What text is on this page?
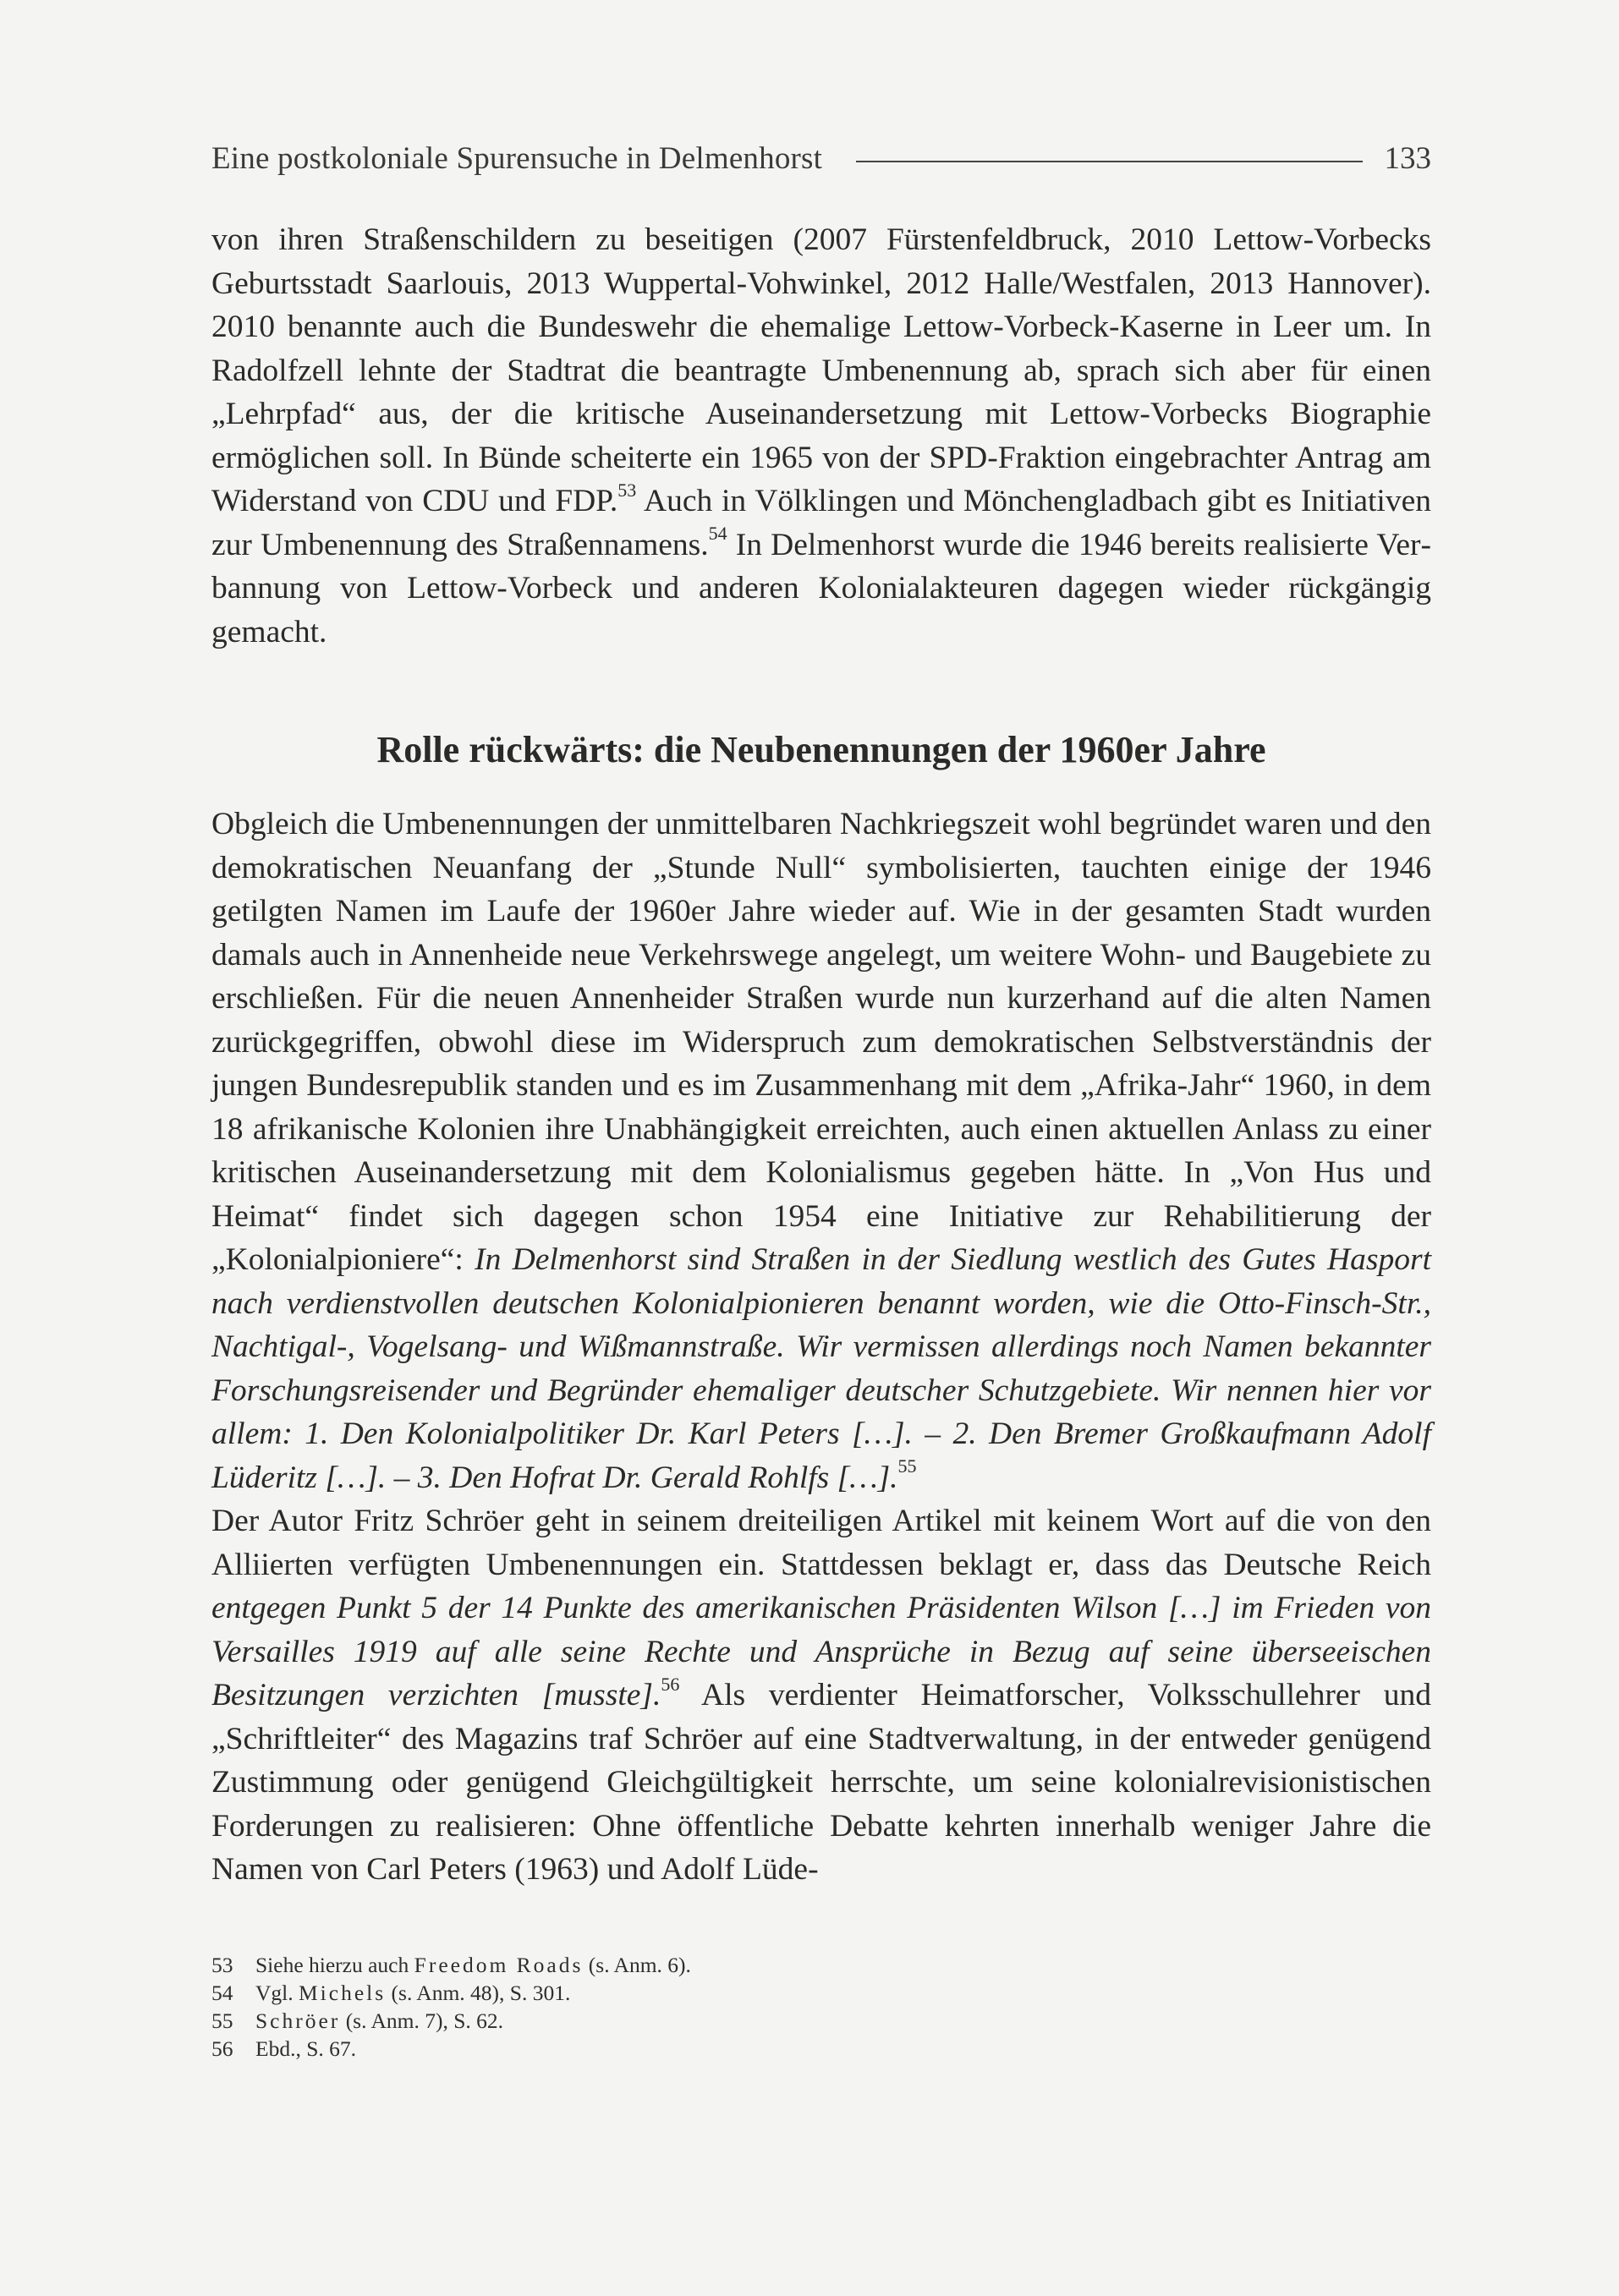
Eine postkoloniale Spurensuche in Delmenhorst	133

von ihren Straßenschildern zu beseitigen (2007 Fürstenfeldbruck, 2010 Lettow-Vorbecks Geburtsstadt Saarlouis, 2013 Wuppertal-Vohwinkel, 2012 Halle/Westfalen, 2013 Hannover). 2010 benannte auch die Bundeswehr die ehemalige Lettow-Vorbeck-Kaserne in Leer um. In Radolfzell lehnte der Stadtrat die beantragte Umbenennung ab, sprach sich aber für einen „Lehrpfad“ aus, der die kritische Auseinandersetzung mit Lettow-Vorbecks Biographie ermöglichen soll. In Bünde scheiterte ein 1965 von der SPD-Fraktion eingebrachter Antrag am Widerstand von CDU und FDP.$^{53}$ Auch in Völklingen und Mönchengladbach gibt es Initiativen zur Umbenennung des Straßennamens.$^{54}$ In Delmenhorst wurde die 1946 bereits realisierte Verbannung von Lettow-Vorbeck und anderen Kolonialakteuren dagegen wieder rückgängig gemacht.

Rolle rückwärts: die Neubenennungen der 1960er Jahre

Obgleich die Umbenennungen der unmittelbaren Nachkriegszeit wohl begründet waren und den demokratischen Neuanfang der „Stunde Null“ symbolisierten, tauchten einige der 1946 getilgten Namen im Laufe der 1960er Jahre wieder auf. Wie in der gesamten Stadt wurden damals auch in Annenheide neue Verkehrswege angelegt, um weitere Wohn- und Baugebiete zu erschließen. Für die neuen Annenheider Straßen wurde nun kurzerhand auf die alten Namen zurückgegriffen, obwohl diese im Widerspruch zum demokratischen Selbstverständnis der jungen Bundesrepublik standen und es im Zusammenhang mit dem „Afrika-Jahr“ 1960, in dem 18 afrikanische Kolonien ihre Unabhängigkeit erreichten, auch einen aktuellen Anlass zu einer kritischen Auseinandersetzung mit dem Kolonialismus gegeben hätte. In „Von Hus und Heimat“ findet sich dagegen schon 1954 eine Initiative zur Rehabilitierung der „Kolonialpioniere“: In Delmenhorst sind Straßen in der Siedlung westlich des Gutes Hasport nach verdienstvollen deutschen Kolonialpionieren benannt worden, wie die Otto-Finsch-Str., Nachtigal-, Vogelsang- und Wißmannstraße. Wir vermissen allerdings noch Namen bekannter Forschungsreisender und Begründer ehemaliger deutscher Schutzgebiete. Wir nennen hier vor allem: 1. Den Kolonialpolitiker Dr. Karl Peters […]. – 2. Den Bremer Großkaufmann Adolf Lüderitz […]. – 3. Den Hofrat Dr. Gerald Rohlfs […].$^{55}$

Der Autor Fritz Schröer geht in seinem dreiteiligen Artikel mit keinem Wort auf die von den Alliierten verfügten Umbenennungen ein. Stattdessen beklagt er, dass das Deutsche Reich entgegen Punkt 5 der 14 Punkte des amerikanischen Präsidenten Wilson […] im Frieden von Versailles 1919 auf alle seine Rechte und Ansprüche in Bezug auf seine überseeischen Besitzungen verzichten [musste].$^{56}$ Als verdienter Heimatforscher, Volksschullehrer und „Schriftleiter“ des Magazins traf Schröer auf eine Stadtverwaltung, in der entweder genügend Zustimmung oder genügend Gleichgültigkeit herrschte, um seine kolonialrevisionistischen Forderungen zu realisieren: Ohne öffentliche Debatte kehrten innerhalb weniger Jahre die Namen von Carl Peters (1963) und Adolf Lüde-

53	Siehe hierzu auch Freedom Roads (s. Anm. 6).
54	Vgl. Michels (s. Anm. 48), S. 301.
55	Schröer (s. Anm. 7), S. 62.
56	Ebd., S. 67.
